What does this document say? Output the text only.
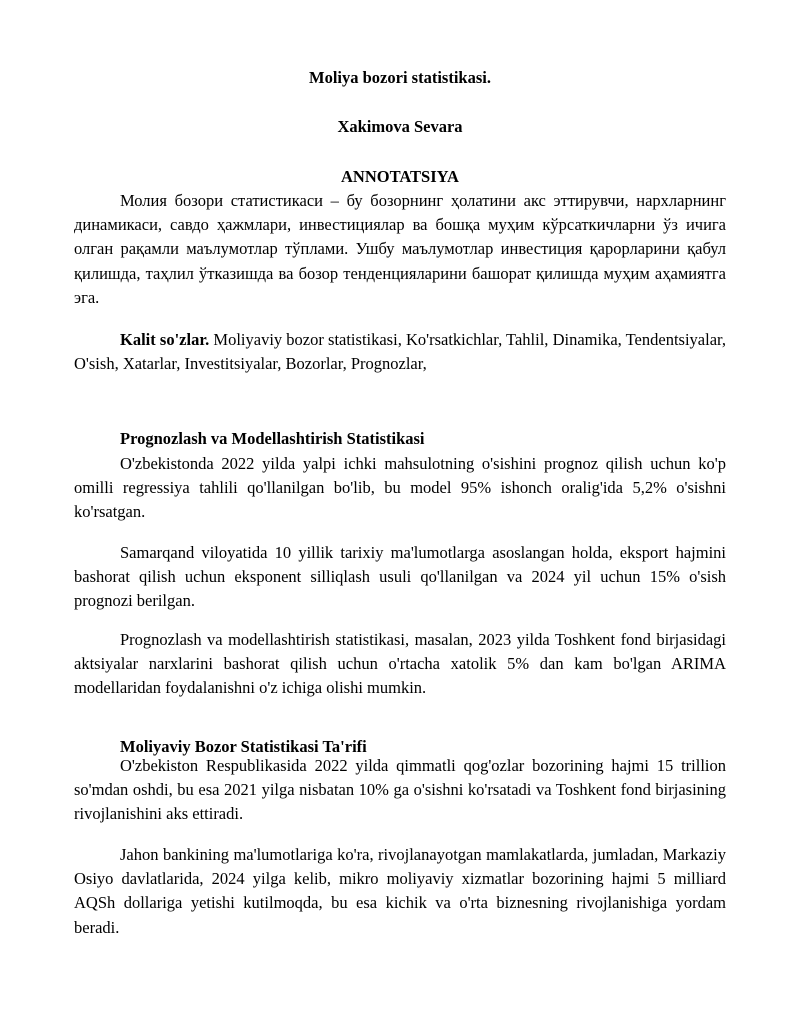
Moliya bozori statistikasi.
Xakimova Sevara
ANNOTATSIYA

Молия бозори статистикаси – бу бозорнинг ҳолатини акс эттирувчи, нархларнинг динамикаси, савдо ҳажмлари, инвестициялар ва бошқа муҳим кўрсаткичларни ўз ичига олган рақамли маълумотлар тўплами. Ушбу маълумотлар инвестиция қарорларини қабул қилишда, таҳлил ўтказишда ва бозор тенденцияларини башорат қилишда муҳим аҳамиятга эга.

Kalit so'zlar. Moliyaviy bozor statistikasi, Ko'rsatkichlar, Tahlil, Dinamika, Tendentsiyalar, O'sish, Xatarlar, Investitsiyalar, Bozorlar, Prognozlar,

Prognozlash va Modellashtirish Statistikasi

O'zbekistonda 2022 yilda yalpi ichki mahsulotning o'sishini prognoz qilish uchun ko'p omilli regressiya tahlili qo'llanilgan bo'lib, bu model 95% ishonch oralig'ida 5,2% o'sishni ko'rsatgan.

Samarqand viloyatida 10 yillik tarixiy ma'lumotlarga asoslangan holda, eksport hajmini bashorat qilish uchun eksponent silliqlash usuli qo'llanilgan va 2024 yil uchun 15% o'sish prognozi berilgan.

Prognozlash va modellashtirish statistikasi, masalan, 2023 yilda Toshkent fond birjasidagi aktsiyalar narxlarini bashorat qilish uchun o'rtacha xatolik 5% dan kam bo'lgan ARIMA modellaridan foydalanishni o'z ichiga olishi mumkin.

Moliyaviy Bozor Statistikasi Ta'rifi

O'zbekiston Respublikasida 2022 yilda qimmatli qog'ozlar bozorining hajmi 15 trillion so'mdan oshdi, bu esa 2021 yilga nisbatan 10% ga o'sishni ko'rsatadi va Toshkent fond birjasining rivojlanishini aks ettiradi.

Jahon bankining ma'lumotlariga ko'ra, rivojlanayotgan mamlakatlarda, jumladan, Markaziy Osiyo davlatlarida, 2024 yilga kelib, mikro moliyaviy xizmatlar bozorining hajmi 5 milliard AQSh dollariga yetishi kutilmoqda, bu esa kichik va o'rta biznesning rivojlanishiga yordam beradi.
